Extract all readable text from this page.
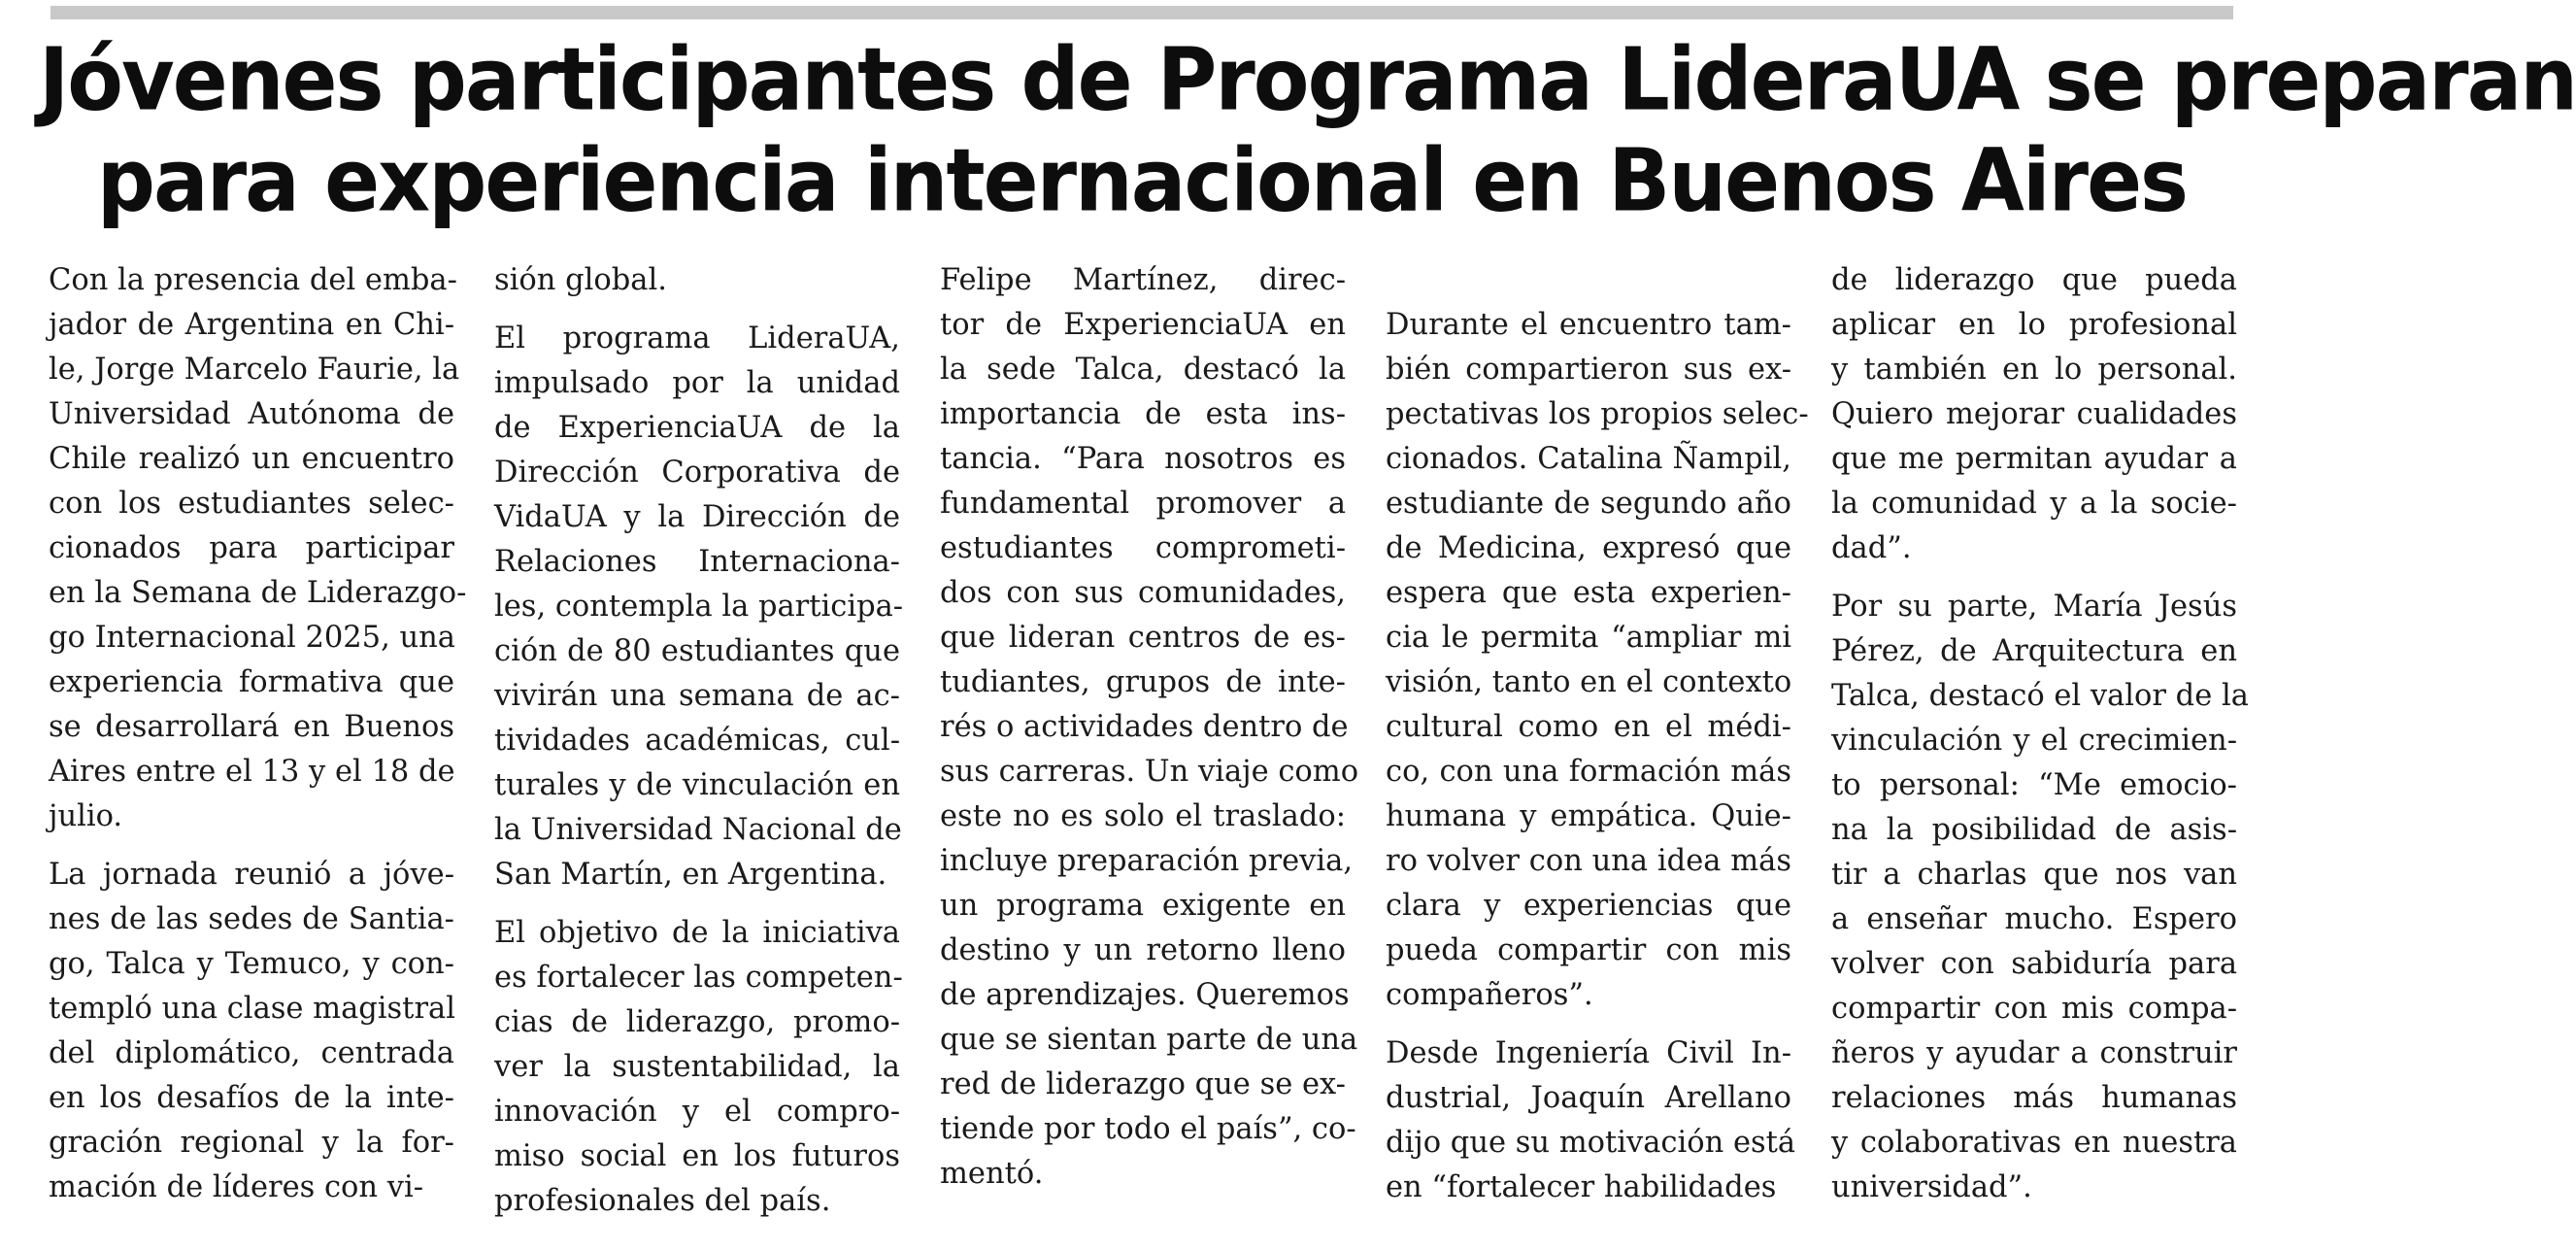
Jóvenes participantes de Programa LideraUA se preparan
para experiencia internacional en Buenos Aires
Con la presencia del emba-
jador de Argentina en Chi-
le, Jorge Marcelo Faurie, la
Universidad Autónoma de
Chile realizó un encuentro
con los estudiantes selec-
cionados para participar
en la Semana de Liderazgo-
go Internacional 2025, una
experiencia formativa que
se desarrollará en Buenos
Aires entre el 13 y el 18 de
julio.
La jornada reunió a jóve-
nes de las sedes de Santia-
go, Talca y Temuco, y con-
templó una clase magistral
del diplomático, centrada
en los desafíos de la inte-
gración regional y la for-
mación de líderes con vi-
sión global.
El programa LideraUA,
impulsado por la unidad
de ExperienciaUA de la
Dirección Corporativa de
VidaUA y la Dirección de
Relaciones Internaciona-
les, contempla la participa-
ción de 80 estudiantes que
vivirán una semana de ac-
tividades académicas, cul-
turales y de vinculación en
la Universidad Nacional de
San Martín, en Argentina.
El objetivo de la iniciativa
es fortalecer las competen-
cias de liderazgo, promo-
ver la sustentabilidad, la
innovación y el compro-
miso social en los futuros
profesionales del país.
Felipe Martínez, direc-
tor de ExperienciaUA en
la sede Talca, destacó la
importancia de esta ins-
tancia. “Para nosotros es
fundamental promover a
estudiantes comprometi-
dos con sus comunidades,
que lideran centros de es-
tudiantes, grupos de inte-
rés o actividades dentro de
sus carreras. Un viaje como
este no es solo el traslado:
incluye preparación previa,
un programa exigente en
destino y un retorno lleno
de aprendizajes. Queremos
que se sientan parte de una
red de liderazgo que se ex-
tiende por todo el país”, co-
mentó.
Durante el encuentro tam-
bién compartieron sus ex-
pectativas los propios selec-
cionados. Catalina Ñampil,
estudiante de segundo año
de Medicina, expresó que
espera que esta experien-
cia le permita “ampliar mi
visión, tanto en el contexto
cultural como en el médi-
co, con una formación más
humana y empática. Quie-
ro volver con una idea más
clara y experiencias que
pueda compartir con mis
compañeros”.
Desde Ingeniería Civil In-
dustrial, Joaquín Arellano
dijo que su motivación está
en “fortalecer habilidades
de liderazgo que pueda
aplicar en lo profesional
y también en lo personal.
Quiero mejorar cualidades
que me permitan ayudar a
la comunidad y a la socie-
dad”.
Por su parte, María Jesús
Pérez, de Arquitectura en
Talca, destacó el valor de la
vinculación y el crecimien-
to personal: “Me emocio-
na la posibilidad de asis-
tir a charlas que nos van
a enseñar mucho. Espero
volver con sabiduría para
compartir con mis compa-
ñeros y ayudar a construir
relaciones más humanas
y colaborativas en nuestra
universidad”.
